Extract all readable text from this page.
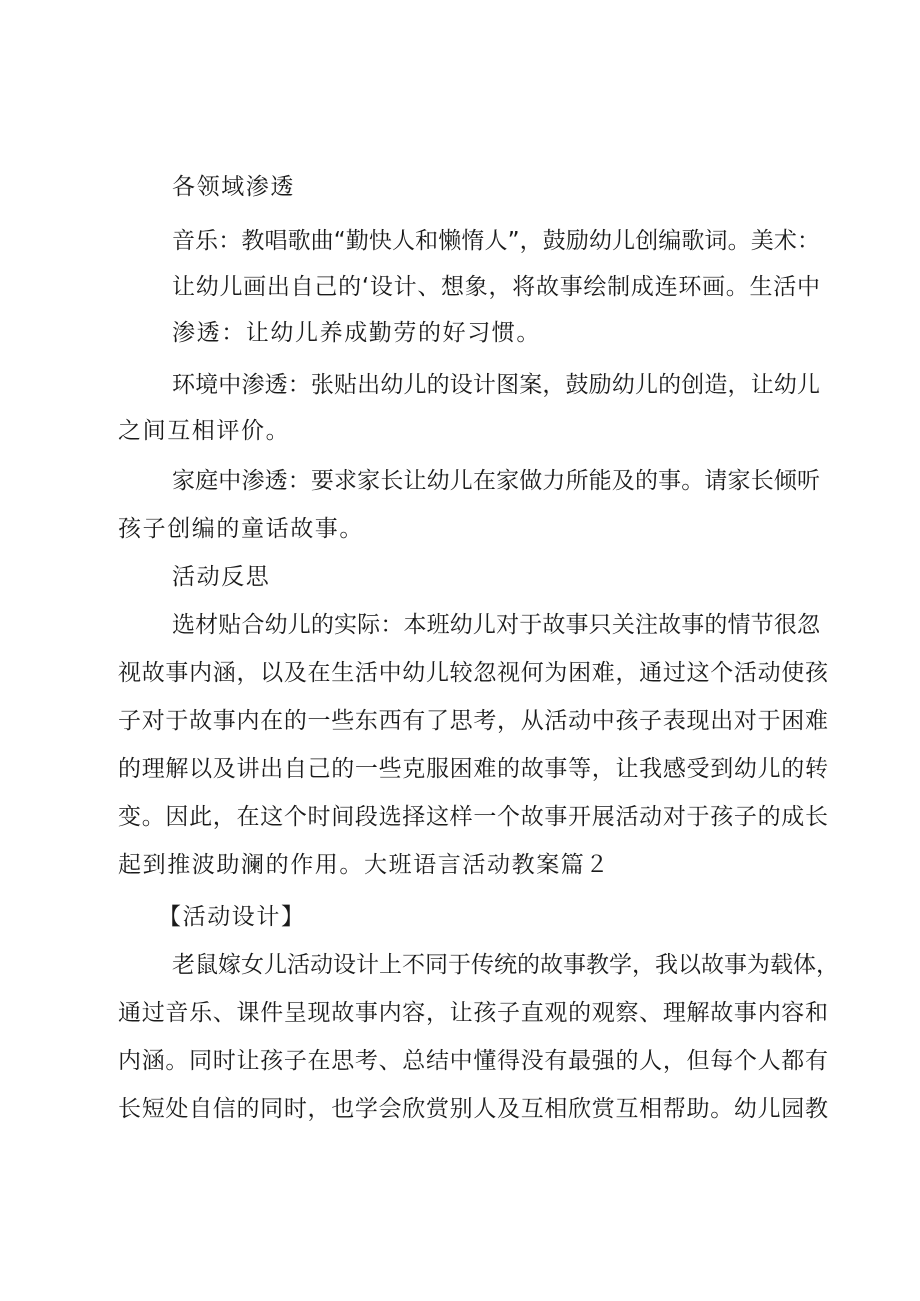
各领域渗透

音乐：教唱歌曲“勤快人和懒惰人”，鼓励幼儿创编歌词。美术：

让幼儿画出自己的‘设计、想象，将故事绘制成连环画。生活中

渗透：让幼儿养成勤劳的好习惯。

环境中渗透：张贴出幼儿的设计图案，鼓励幼儿的创造，让幼儿

之间互相评价。

家庭中渗透：要求家长让幼儿在家做力所能及的事。请家长倾听

孩子创编的童话故事。

活动反思

选材贴合幼儿的实际：本班幼儿对于故事只关注故事的情节很忽

视故事内涵，以及在生活中幼儿较忽视何为困难，通过这个活动使孩

子对于故事内在的一些东西有了思考，从活动中孩子表现出对于困难

的理解以及讲出自己的一些克服困难的故事等，让我感受到幼儿的转

变。因此，在这个时间段选择这样一个故事开展活动对于孩子的成长

起到推波助澜的作用。大班语言活动教案篇２

【活动设计】

老鼠嫁女儿活动设计上不同于传统的故事教学，我以故事为载体，

通过音乐、课件呈现故事内容，让孩子直观的观察、理解故事内容和

内涵。同时让孩子在思考、总结中懂得没有最强的人，但每个人都有

长短处自信的同时，也学会欣赏别人及互相欣赏互相帮助。幼儿园教
